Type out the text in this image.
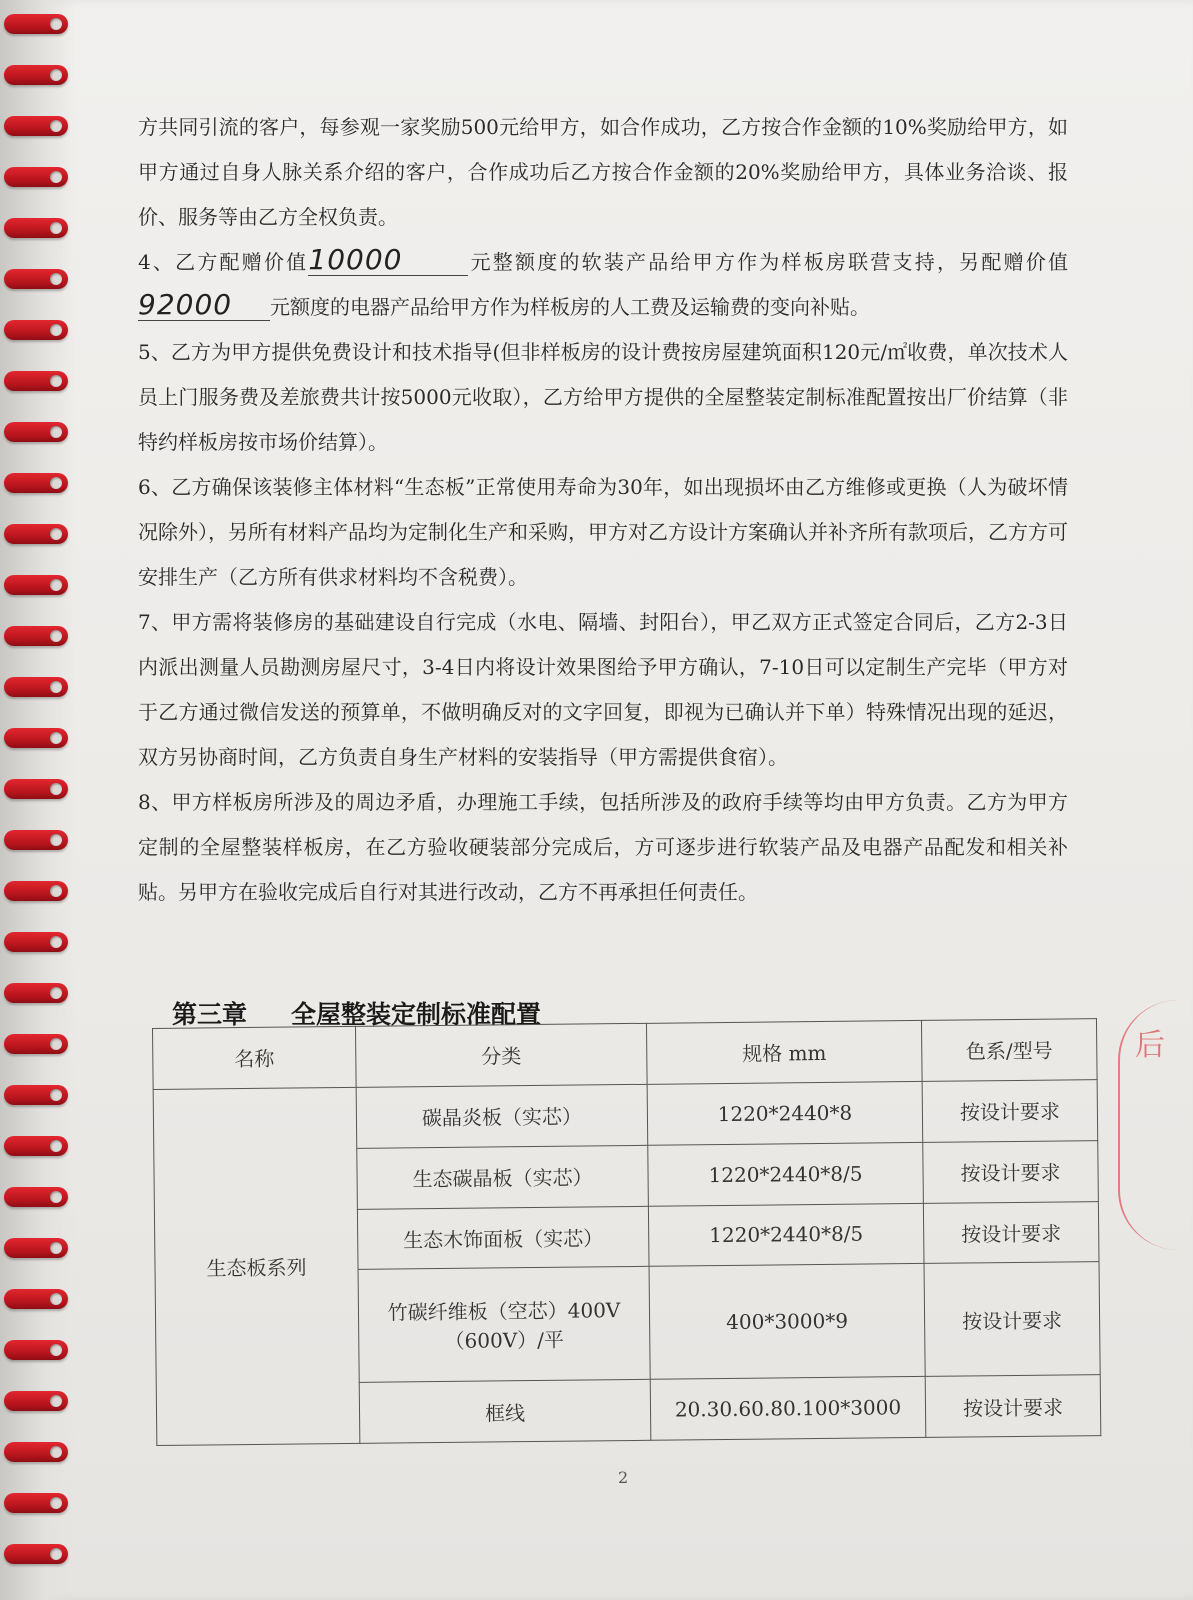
后

方共同引流的客户，每参观一家奖励500元给甲方，如合作成功，乙方按合作金额的10%奖励给甲方，如甲方通过自身人脉关系介绍的客户，合作成功后乙方按合作金额的20%奖励给甲方，具体业务洽谈、报价、服务等由乙方全权负责。

4、乙方配赠价值10000	元整额度的软装产品给甲方作为样板房联营支持，另配赠价值92000 元额度的电器产品给甲方作为样板房的人工费及运输费的变向补贴。

5、乙方为甲方提供免费设计和技术指导(但非样板房的设计费按房屋建筑面积120元/㎡收费，单次技术人员上门服务费及差旅费共计按5000元收取），乙方给甲方提供的全屋整装定制标准配置按出厂价结算（非特约样板房按市场价结算）。

6、乙方确保该装修主体材料“生态板”正常使用寿命为30年，如出现损坏由乙方维修或更换（人为破坏情况除外），另所有材料产品均为定制化生产和采购，甲方对乙方设计方案确认并补齐所有款项后，乙方方可安排生产（乙方所有供求材料均不含税费）。

7、甲方需将装修房的基础建设自行完成（水电、隔墙、封阳台），甲乙双方正式签定合同后，乙方2-3日内派出测量人员勘测房屋尺寸，3-4日内将设计效果图给予甲方确认，7-10日可以定制生产完毕（甲方对于乙方通过微信发送的预算单，不做明确反对的文字回复，即视为已确认并下单）特殊情况出现的延迟，双方另协商时间，乙方负责自身生产材料的安装指导（甲方需提供食宿）。

8、甲方样板房所涉及的周边矛盾，办理施工手续，包括所涉及的政府手续等均由甲方负责。乙方为甲方定制的全屋整装样板房，在乙方验收硬装部分完成后，方可逐步进行软装产品及电器产品配发和相关补贴。另甲方在验收完成后自行对其进行改动，乙方不再承担任何责任。

第三章 全屋整装定制标准配置
名称	分类	规格 mm	色系/型号
生态板系列	碳晶炎板（实芯）	1220*2440*8	按设计要求
	生态碳晶板（实芯）	1220*2440*8/5	按设计要求
	生态木饰面板（实芯）	1220*2440*8/5	按设计要求
	竹碳纤维板（空芯）400V（600V）/平	400*3000*9	按设计要求
	框线	20.30.60.80.100*3000	按设计要求
2
